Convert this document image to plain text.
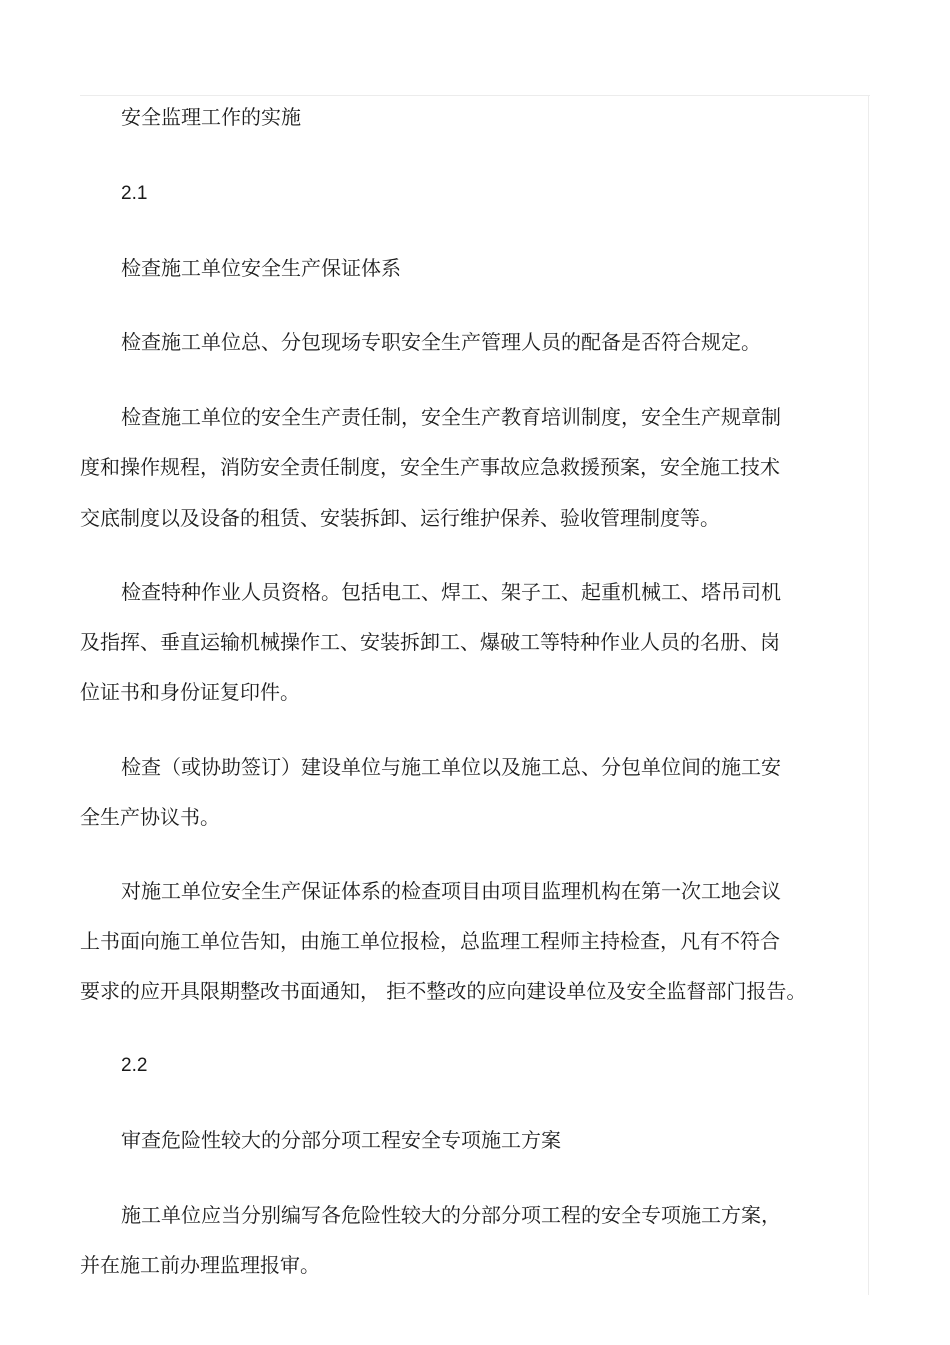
安全监理工作的实施

2.1

检查施工单位安全生产保证体系

检查施工单位总、分包现场专职安全生产管理人员的配备是否符合规定。

检查施工单位的安全生产责任制，安全生产教育培训制度，安全生产规章制

度和操作规程，消防安全责任制度，安全生产事故应急救援预案，安全施工技术

交底制度以及设备的租赁、安装拆卸、运行维护保养、验收管理制度等。

检查特种作业人员资格。包括电工、焊工、架子工、起重机械工、塔吊司机

及指挥、垂直运输机械操作工、安装拆卸工、爆破工等特种作业人员的名册、岗

位证书和身份证复印件。

检查（或协助签订）建设单位与施工单位以及施工总、分包单位间的施工安

全生产协议书。

对施工单位安全生产保证体系的检查项目由项目监理机构在第一次工地会议

上书面向施工单位告知，由施工单位报检，总监理工程师主持检查，凡有不符合

要求的应开具限期整改书面通知， 拒不整改的应向建设单位及安全监督部门报告。

2.2

审查危险性较大的分部分项工程安全专项施工方案

施工单位应当分别编写各危险性较大的分部分项工程的安全专项施工方案，

并在施工前办理监理报审。
